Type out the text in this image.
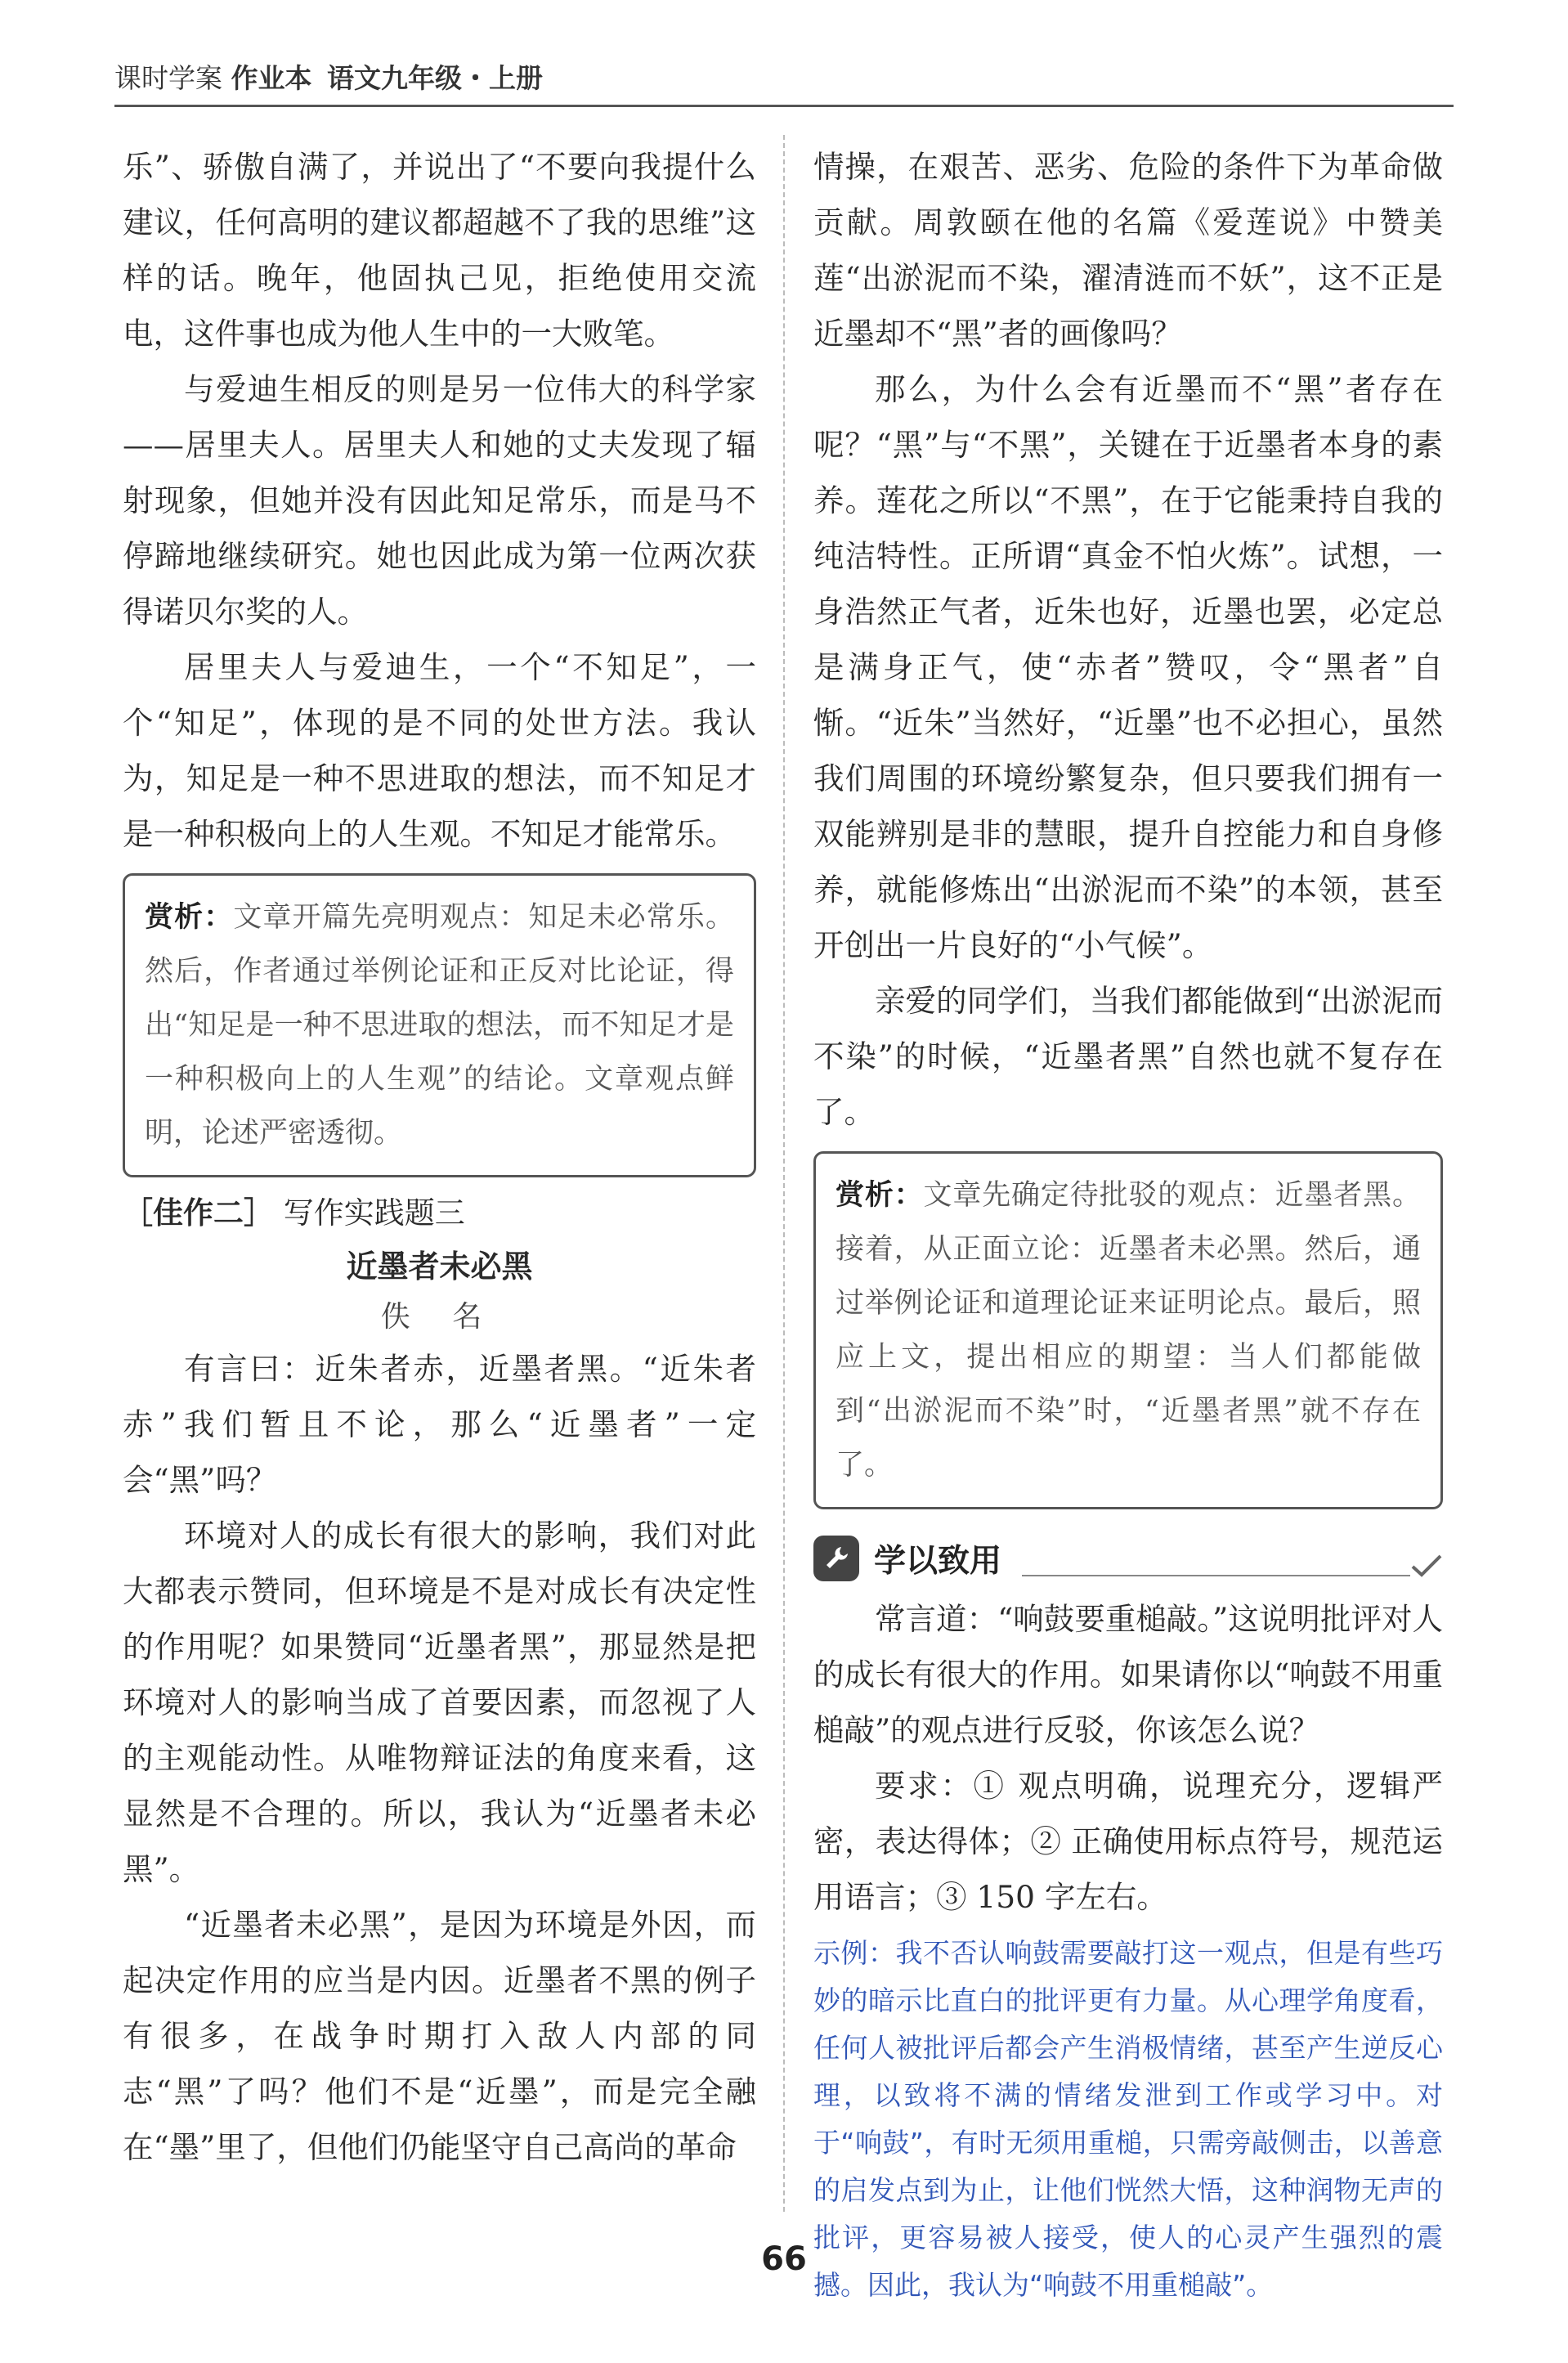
课时学案 作业本 语文九年级・上册

乐”、骄傲自满了，并说出了“不要向我提什么建议，任何高明的建议都超越不了我的思维”这样的话。晚年，他固执己见，拒绝使用交流电，这件事也成为他人生中的一大败笔。

与爱迪生相反的则是另一位伟大的科学家——居里夫人。居里夫人和她的丈夫发现了辐射现象，但她并没有因此知足常乐，而是马不停蹄地继续研究。她也因此成为第一位两次获得诺贝尔奖的人。

居里夫人与爱迪生，一个“不知足”，一个“知足”，体现的是不同的处世方法。我认为，知足是一种不思进取的想法，而不知足才是一种积极向上的人生观。不知足才能常乐。

赏析：文章开篇先亮明观点：知足未必常乐。然后，作者通过举例论证和正反对比论证，得出“知足是一种不思进取的想法，而不知足才是一种积极向上的人生观”的结论。文章观点鲜明，论述严密透彻。

［佳作二］ 写作实践题三
近墨者未必黑
佚 名

有言曰：近朱者赤，近墨者黑。“近朱者赤”我们暂且不论，那么“近墨者”一定会“黑”吗？

环境对人的成长有很大的影响，我们对此大都表示赞同，但环境是不是对成长有决定性的作用呢？如果赞同“近墨者黑”，那显然是把环境对人的影响当成了首要因素，而忽视了人的主观能动性。从唯物辩证法的角度来看，这显然是不合理的。所以，我认为“近墨者未必黑”。

“近墨者未必黑”，是因为环境是外因，而起决定作用的应当是内因。近墨者不黑的例子有很多，在战争时期打入敌人内部的同志“黑”了吗？他们不是“近墨”，而是完全融在“墨”里了，但他们仍能坚守自己高尚的革命

情操，在艰苦、恶劣、危险的条件下为革命做贡献。周敦颐在他的名篇《爱莲说》中赞美莲“出淤泥而不染，濯清涟而不妖”，这不正是近墨却不“黑”者的画像吗？

那么，为什么会有近墨而不“黑”者存在呢？“黑”与“不黑”，关键在于近墨者本身的素养。莲花之所以“不黑”，在于它能秉持自我的纯洁特性。正所谓“真金不怕火炼”。试想，一身浩然正气者，近朱也好，近墨也罢，必定总是满身正气，使“赤者”赞叹，令“黑者”自惭。“近朱”当然好，“近墨”也不必担心，虽然我们周围的环境纷繁复杂，但只要我们拥有一双能辨别是非的慧眼，提升自控能力和自身修养，就能修炼出“出淤泥而不染”的本领，甚至开创出一片良好的“小气候”。

亲爱的同学们，当我们都能做到“出淤泥而不染”的时候，“近墨者黑”自然也就不复存在了。

赏析：文章先确定待批驳的观点：近墨者黑。接着，从正面立论：近墨者未必黑。然后，通过举例论证和道理论证来证明论点。最后，照应上文，提出相应的期望：当人们都能做到“出淤泥而不染”时，“近墨者黑”就不存在了。

学以致用

常言道：“响鼓要重槌敲。”这说明批评对人的成长有很大的作用。如果请你以“响鼓不用重槌敲”的观点进行反驳，你该怎么说？

要求：① 观点明确，说理充分，逻辑严密，表达得体；② 正确使用标点符号，规范运用语言；③ 150 字左右。

示例：我不否认响鼓需要敲打这一观点，但是有些巧妙的暗示比直白的批评更有力量。从心理学角度看，任何人被批评后都会产生消极情绪，甚至产生逆反心理，以致将不满的情绪发泄到工作或学习中。对于“响鼓”，有时无须用重槌，只需旁敲侧击，以善意的启发点到为止，让他们恍然大悟，这种润物无声的批评，更容易被人接受，使人的心灵产生强烈的震撼。因此，我认为“响鼓不用重槌敲”。

66
